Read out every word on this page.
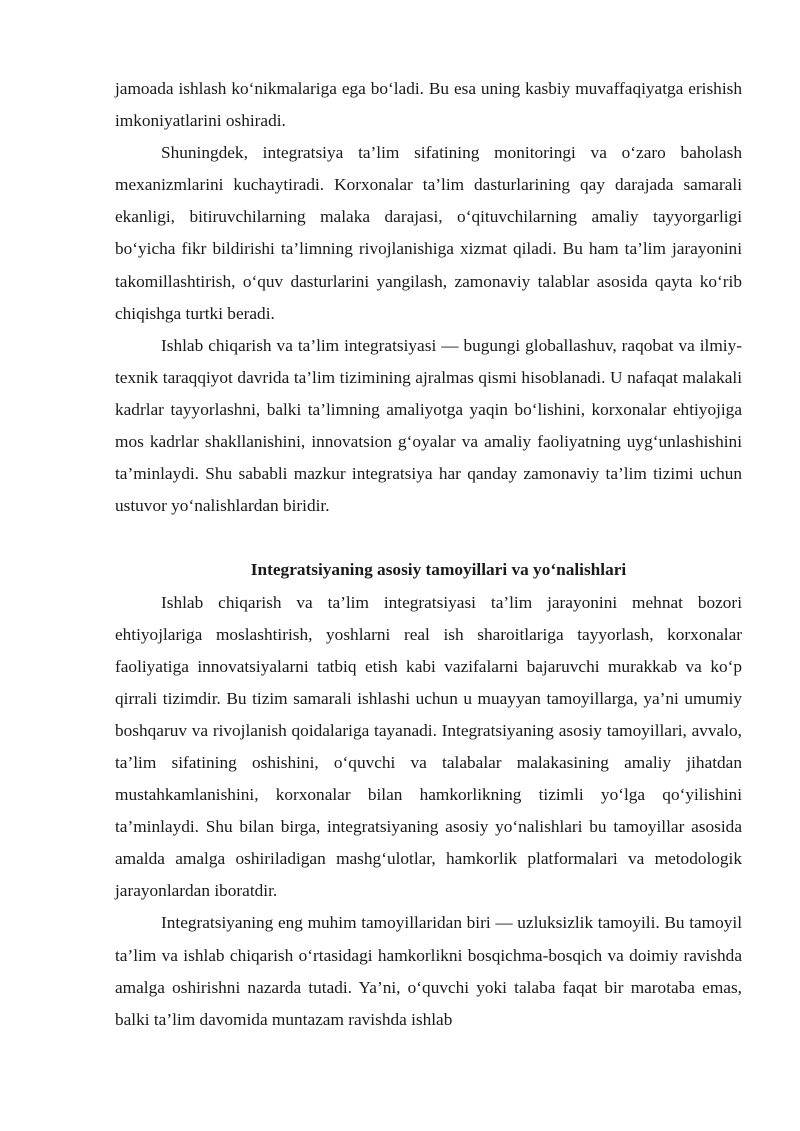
jamoada ishlash ko‘nikmalariga ega bo‘ladi. Bu esa uning kasbiy muvaffaqiyatga erishish imkoniyatlarini oshiradi.

Shuningdek, integratsiya ta’lim sifatining monitoringi va o‘zaro baholash mexanizmlarini kuchaytiradi. Korxonalar ta’lim dasturlarining qay darajada samarali ekanligi, bitiruvchilarning malaka darajasi, o‘qituvchilarning amaliy tayyorgarligi bo‘yicha fikr bildirishi ta’limning rivojlanishiga xizmat qiladi. Bu ham ta’lim jarayonini takomillashtirish, o‘quv dasturlarini yangilash, zamonaviy talablar asosida qayta ko‘rib chiqishga turtki beradi.

Ishlab chiqarish va ta’lim integratsiyasi — bugungi globallashuv, raqobat va ilmiy-texnik taraqqiyot davrida ta’lim tizimining ajralmas qismi hisoblanadi. U nafaqat malakali kadrlar tayyorlashni, balki ta’limning amaliyotga yaqin bo‘lishini, korxonalar ehtiyojiga mos kadrlar shakllanishini, innovatsion g‘oyalar va amaliy faoliyatning uyg‘unlashishini ta’minlaydi. Shu sababli mazkur integratsiya har qanday zamonaviy ta’lim tizimi uchun ustuvor yo‘nalishlardan biridir.

Integratsiyaning asosiy tamoyillari va yo‘nalishlari

Ishlab chiqarish va ta’lim integratsiyasi ta’lim jarayonini mehnat bozori ehtiyojlariga moslashtirish, yoshlarni real ish sharoitlariga tayyorlash, korxonalar faoliyatiga innovatsiyalarni tatbiq etish kabi vazifalarni bajaruvchi murakkab va ko‘p qirrali tizimdir. Bu tizim samarali ishlashi uchun u muayyan tamoyillarga, ya’ni umumiy boshqaruv va rivojlanish qoidalariga tayanadi. Integratsiyaning asosiy tamoyillari, avvalo, ta’lim sifatining oshishini, o‘quvchi va talabalar malakasining amaliy jihatdan mustahkamlanishini, korxonalar bilan hamkorlikning tizimli yo‘lga qo‘yilishini ta’minlaydi. Shu bilan birga, integratsiyaning asosiy yo‘nalishlari bu tamoyillar asosida amalda amalga oshiriladigan mashg‘ulotlar, hamkorlik platformalari va metodologik jarayonlardan iboratdir.

Integratsiyaning eng muhim tamoyillaridan biri — uzluksizlik tamoyili. Bu tamoyil ta’lim va ishlab chiqarish o‘rtasidagi hamkorlikni bosqichma-bosqich va doimiy ravishda amalga oshirishni nazarda tutadi. Ya’ni, o‘quvchi yoki talaba faqat bir marotaba emas, balki ta’lim davomida muntazam ravishda ishlab
